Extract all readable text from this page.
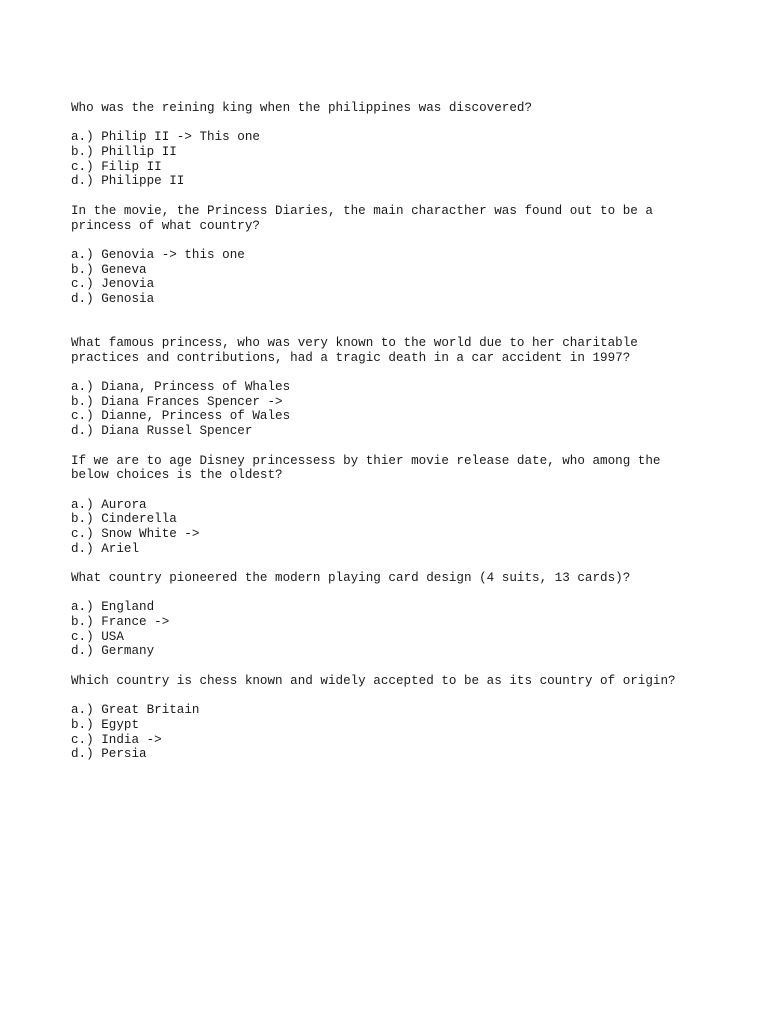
Who was the reining king when the philippines was discovered?
a.) Philip II -> This one
b.) Phillip II
c.) Filip II
d.) Philippe II
In the movie, the Princess Diaries, the main characther was found out to be a
princess of what country?
a.) Genovia -> this one
b.) Geneva
c.) Jenovia
d.) Genosia
What famous princess, who was very known to the world due to her charitable
practices and contributions, had a tragic death in a car accident in 1997?
a.) Diana, Princess of Whales
b.) Diana Frances Spencer ->
c.) Dianne, Princess of Wales
d.) Diana Russel Spencer
If we are to age Disney princessess by thier movie release date, who among the
below choices is the oldest?
a.) Aurora
b.) Cinderella
c.) Snow White ->
d.) Ariel
What country pioneered the modern playing card design (4 suits, 13 cards)?
a.) England
b.) France ->
c.) USA
d.) Germany
Which country is chess known and widely accepted to be as its country of origin?
a.) Great Britain
b.) Egypt
c.) India ->
d.) Persia
